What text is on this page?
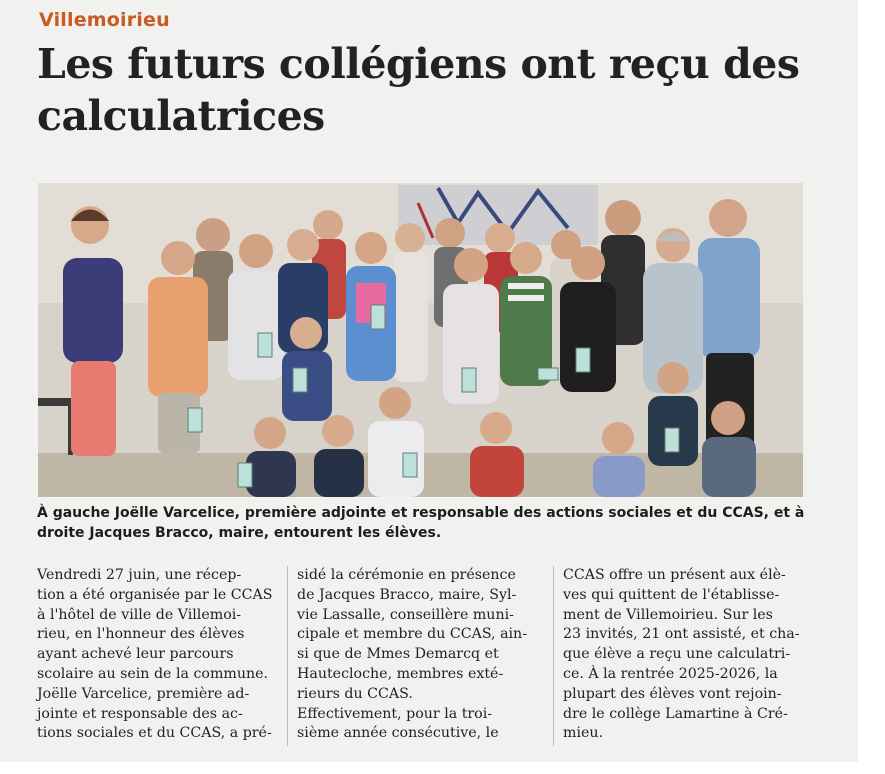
Villemoirieu
Les futurs collégiens ont reçu des calculatrices

À gauche Joëlle Varcelice, première adjointe et responsable des actions sociales et du CCAS, et à droite Jacques Bracco, maire, entourent les élèves.

Vendredi 27 juin, une récep-

tion a été organisée par le CCAS

à l'hôtel de ville de Villemoi-

rieu, en l'honneur des élèves

ayant achevé leur parcours

scolaire au sein de la commune.

Joëlle Varcelice, première ad-

jointe et responsable des ac-

tions sociales et du CCAS, a pré-

sidé la cérémonie en présence

de Jacques Bracco, maire, Syl-

vie Lassalle, conseillère muni-

cipale et membre du CCAS, ain-

si que de Mmes Demarcq et

Hautecloche, membres exté-

rieurs du CCAS.

Effectivement, pour la troi-

sième année consécutive, le

CCAS offre un présent aux élè-

ves qui quittent de l'établisse-

ment de Villemoirieu. Sur les

23 invités, 21 ont assisté, et cha-

que élève a reçu une calculatri-

ce. À la rentrée 2025-2026, la

plupart des élèves vont rejoin-

dre le collège Lamartine à Cré-

mieu.
